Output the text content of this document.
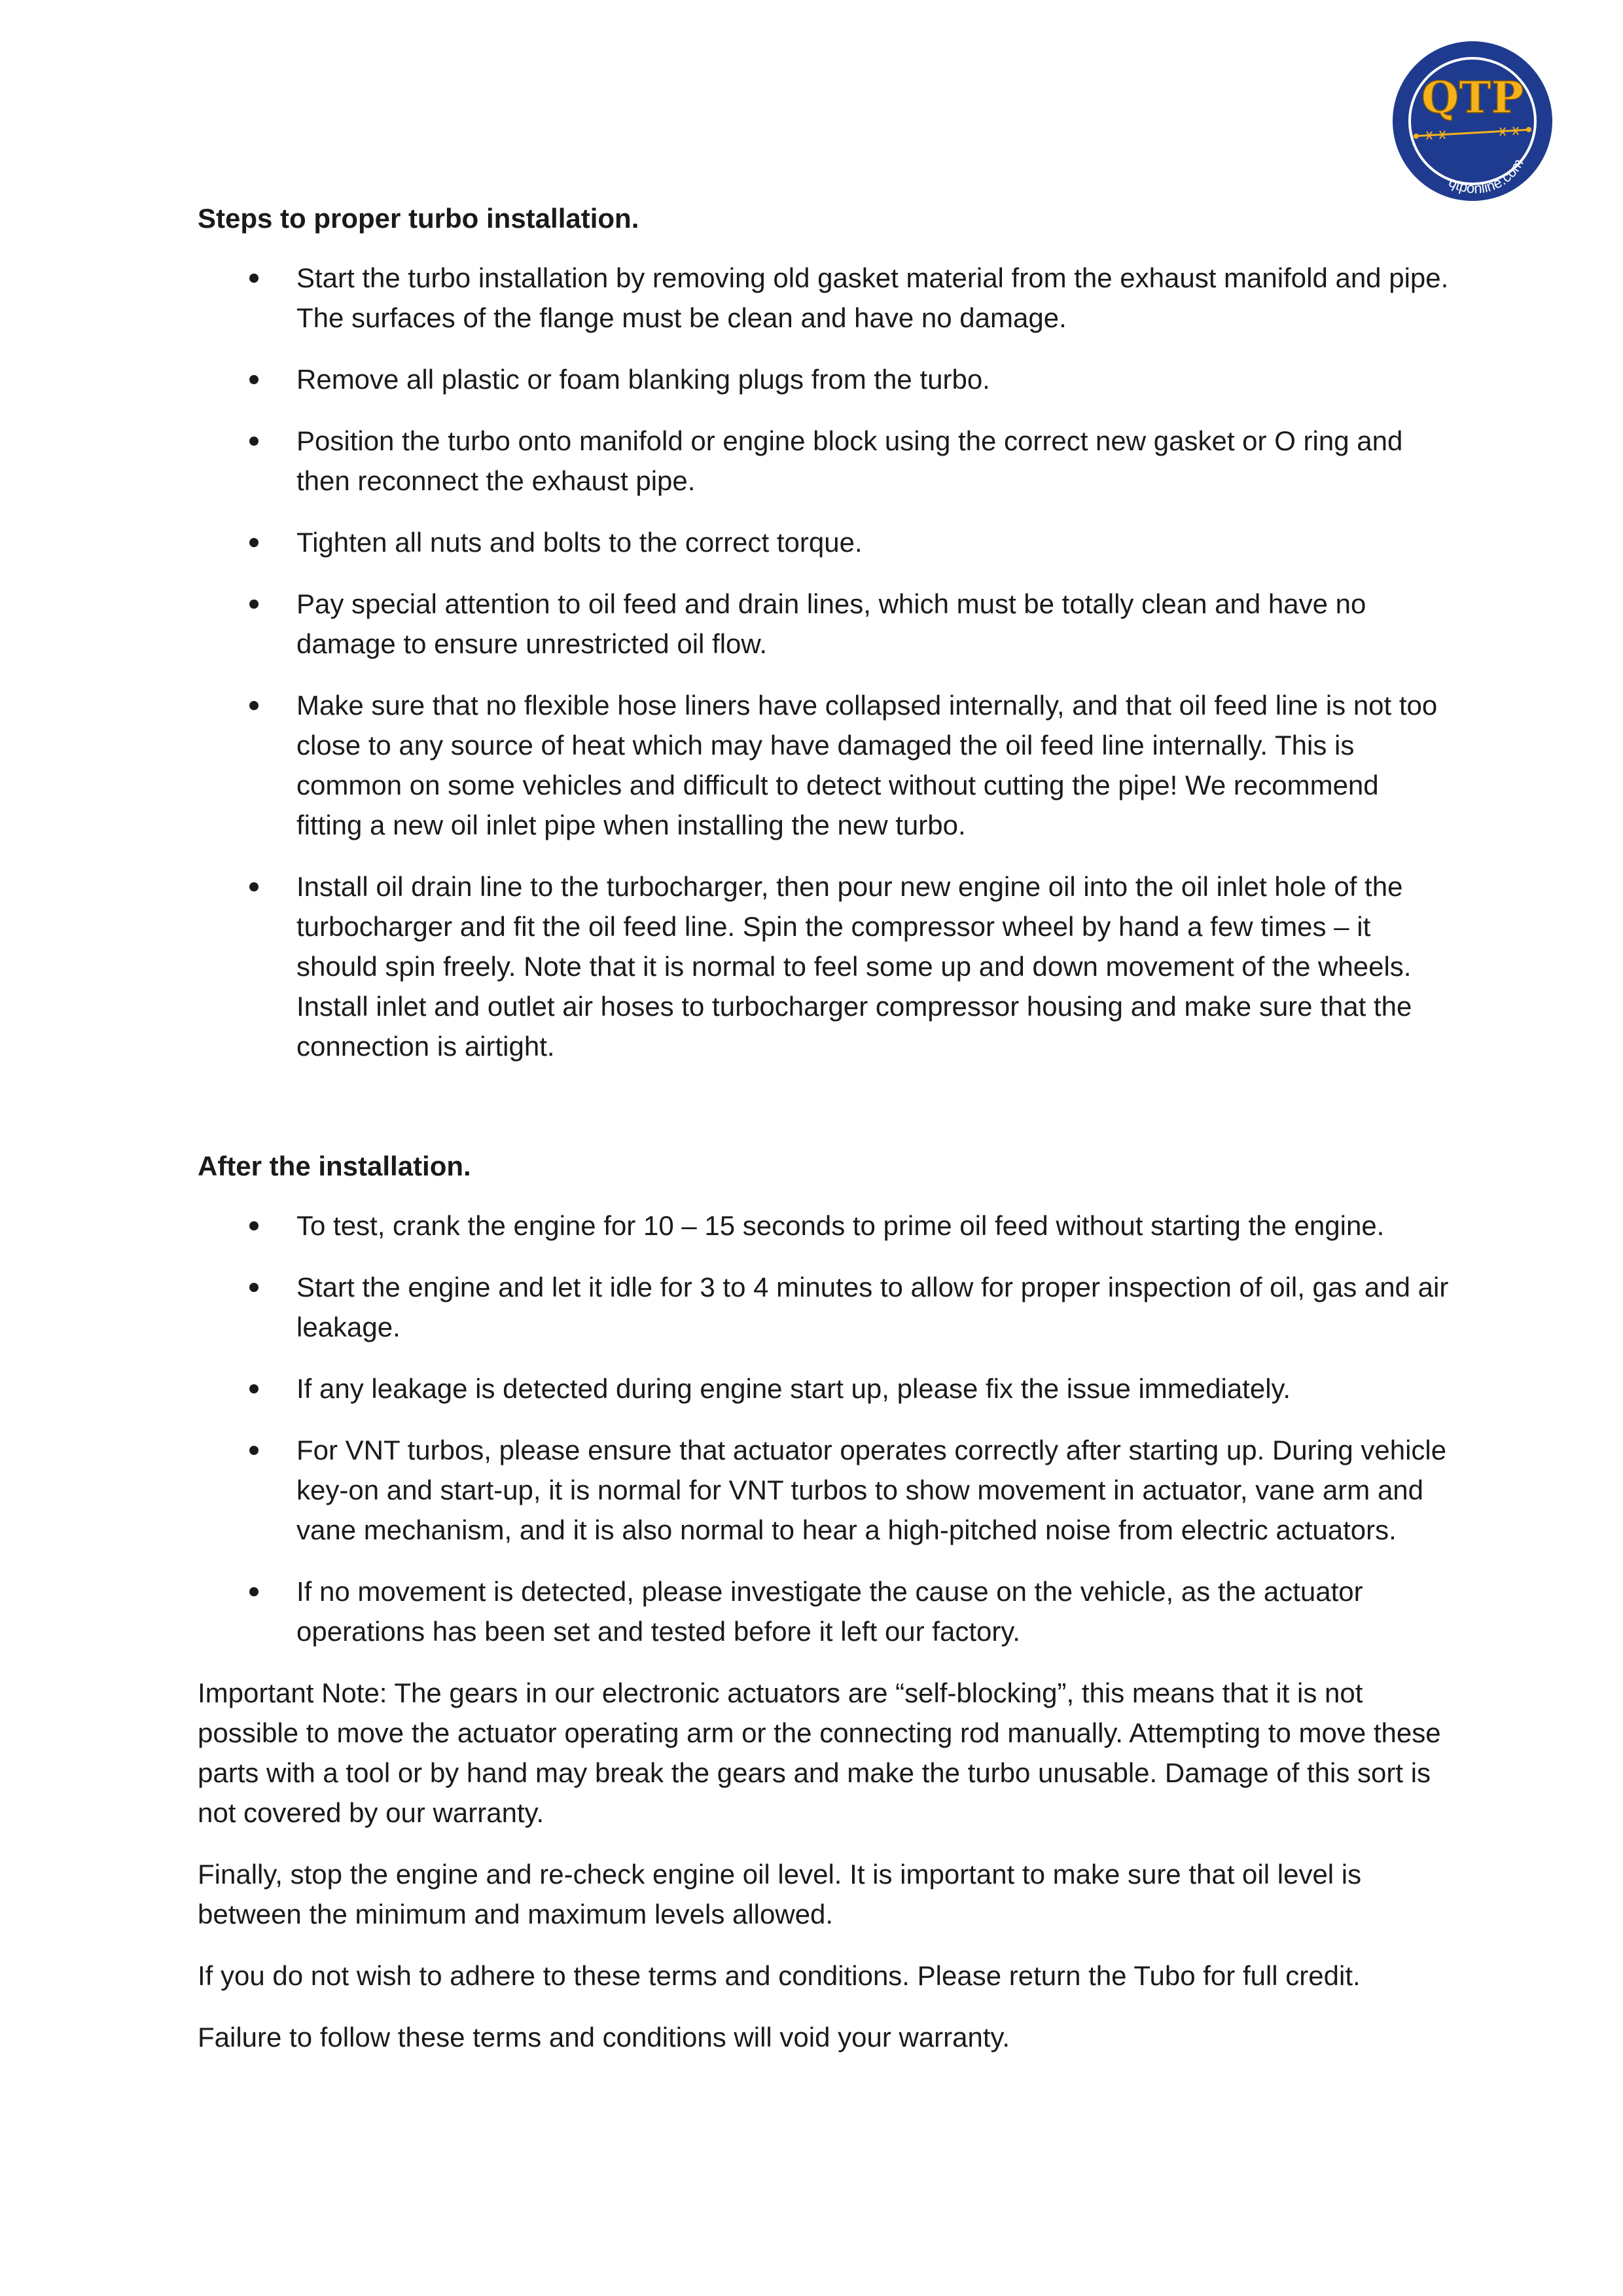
QTP
qtponline.com
Steps to proper turbo installation.
Start the turbo installation by removing old gasket material from the exhaust manifold and pipe. The surfaces of the flange must be clean and have no damage.
Remove all plastic or foam blanking plugs from the turbo.
Position the turbo onto manifold or engine block using the correct new gasket or O ring and then reconnect the exhaust pipe.
Tighten all nuts and bolts to the correct torque.
Pay special attention to oil feed and drain lines, which must be totally clean and have no damage to ensure unrestricted oil flow.
Make sure that no flexible hose liners have collapsed internally, and that oil feed line is not too close to any source of heat which may have damaged the oil feed line internally. This is common on some vehicles and difficult to detect without cutting the pipe! We recommend fitting a new oil inlet pipe when installing the new turbo.
Install oil drain line to the turbocharger, then pour new engine oil into the oil inlet hole of the turbocharger and fit the oil feed line. Spin the compressor wheel by hand a few times – it should spin freely. Note that it is normal to feel some up and down movement of the wheels. Install inlet and outlet air hoses to turbocharger compressor housing and make sure that the connection is airtight.
After the installation.
To test, crank the engine for 10 – 15 seconds to prime oil feed without starting the engine.
Start the engine and let it idle for 3 to 4 minutes to allow for proper inspection of oil, gas and air leakage.
If any leakage is detected during engine start up, please fix the issue immediately.
For VNT turbos, please ensure that actuator operates correctly after starting up. During vehicle key-on and start-up, it is normal for VNT turbos to show movement in actuator, vane arm and vane mechanism, and it is also normal to hear a high-pitched noise from electric actuators.
If no movement is detected, please investigate the cause on the vehicle, as the actuator operations has been set and tested before it left our factory.

Important Note: The gears in our electronic actuators are “self-blocking”, this means that it is not possible to move the actuator operating arm or the connecting rod manually. Attempting to move these parts with a tool or by hand may break the gears and make the turbo unusable. Damage of this sort is not covered by our warranty.

Finally, stop the engine and re-check engine oil level. It is important to make sure that oil level is between the minimum and maximum levels allowed.

If you do not wish to adhere to these terms and conditions. Please return the Tubo for full credit.

Failure to follow these terms and conditions will void your warranty.
